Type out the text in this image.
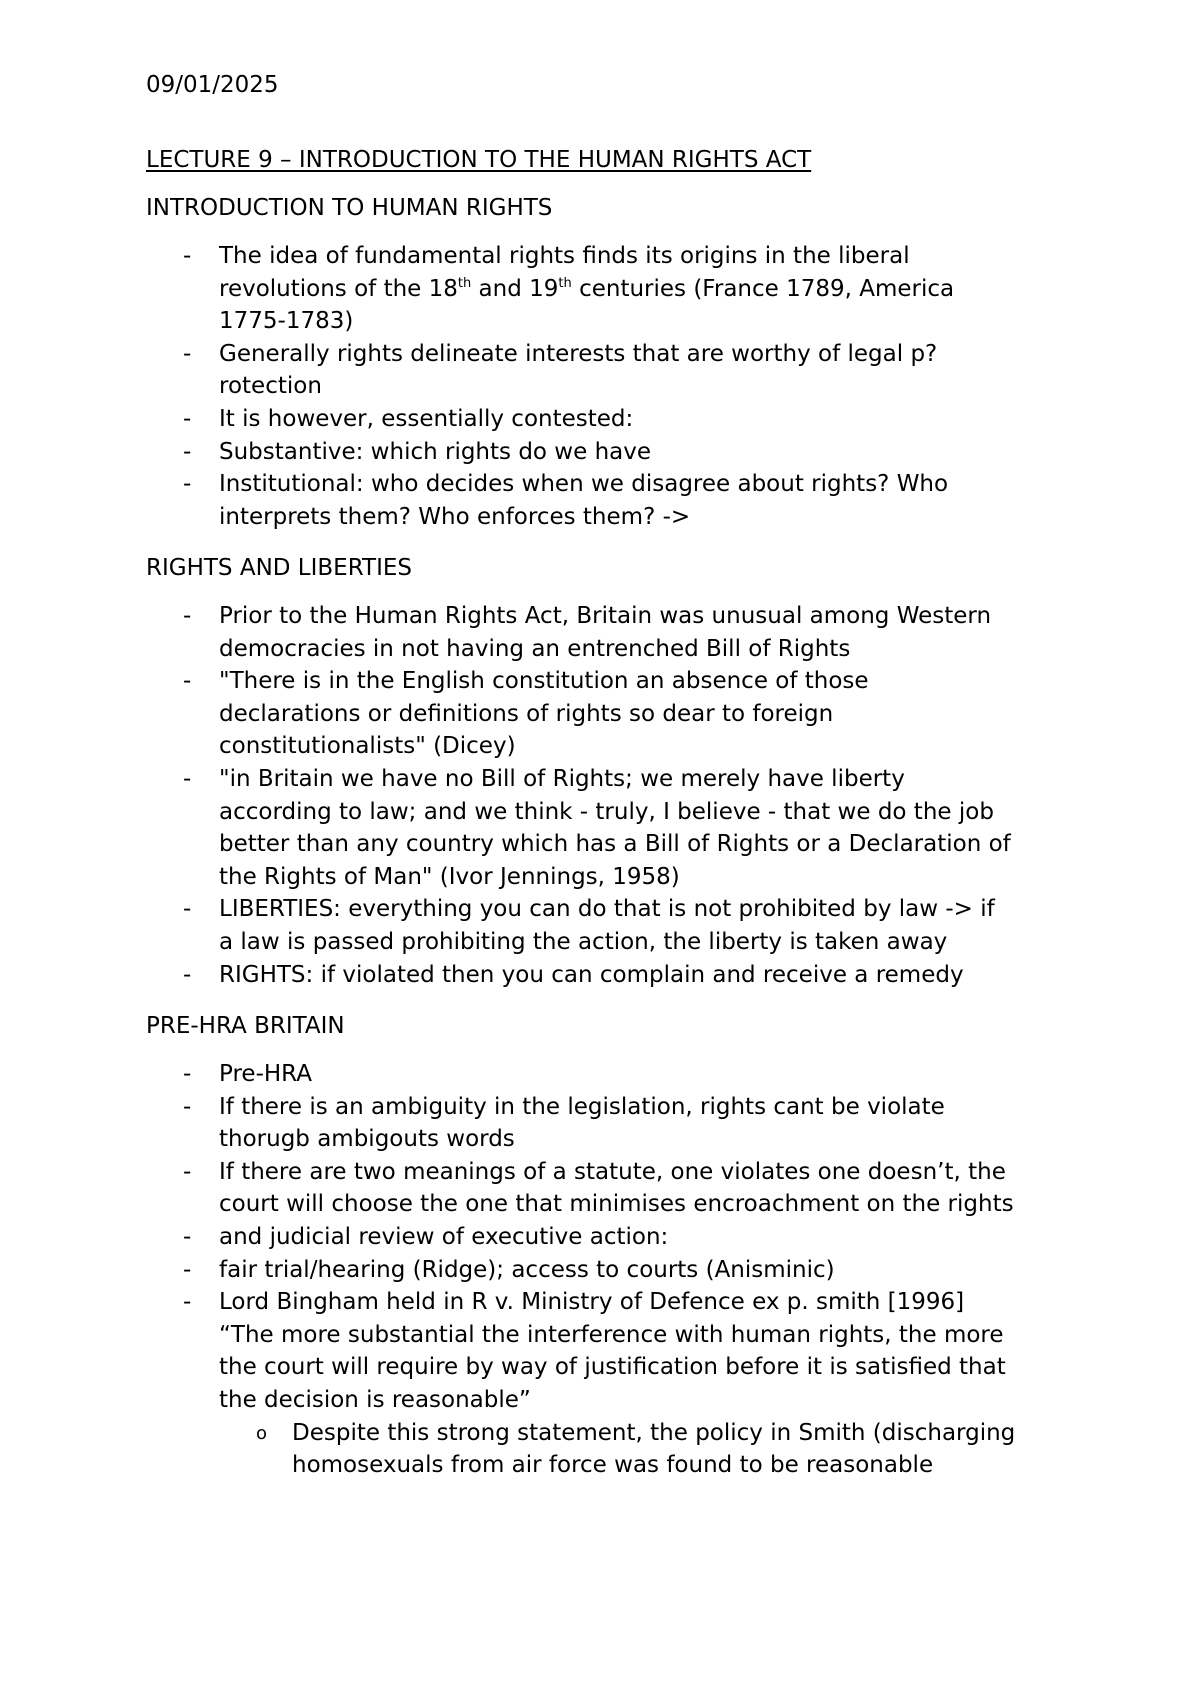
09/01/2025
LECTURE 9 – INTRODUCTION TO THE HUMAN RIGHTS ACT
INTRODUCTION TO HUMAN RIGHTS
- The idea of fundamental rights finds its origins in the liberal
revolutions of the 18th and 19th centuries (France 1789, America
1775-1783)
- Generally rights delineate interests that are worthy of legal p?
rotection
- It is however, essentially contested:
- Substantive: which rights do we have
- Institutional: who decides when we disagree about rights? Who
interprets them? Who enforces them? ->
RIGHTS AND LIBERTIES
- Prior to the Human Rights Act, Britain was unusual among Western
democracies in not having an entrenched Bill of Rights
- "There is in the English constitution an absence of those
declarations or definitions of rights so dear to foreign
constitutionalists" (Dicey)
- "in Britain we have no Bill of Rights; we merely have liberty
according to law; and we think - truly, I believe - that we do the job
better than any country which has a Bill of Rights or a Declaration of
the Rights of Man" (Ivor Jennings, 1958)
- LIBERTIES: everything you can do that is not prohibited by law -> if
a law is passed prohibiting the action, the liberty is taken away
- RIGHTS: if violated then you can complain and receive a remedy
PRE-HRA BRITAIN
- Pre-HRA
- If there is an ambiguity in the legislation, rights cant be violate
thorugb ambigouts words
- If there are two meanings of a statute, one violates one doesn’t, the
court will choose the one that minimises encroachment on the rights
- and judicial review of executive action:
- fair trial/hearing (Ridge); access to courts (Anisminic)
- Lord Bingham held in R v. Ministry of Defence ex p. smith [1996]
“The more substantial the interference with human rights, the more
the court will require by way of justification before it is satisfied that
the decision is reasonable”
o Despite this strong statement, the policy in Smith (discharging
homosexuals from air force was found to be reasonable
